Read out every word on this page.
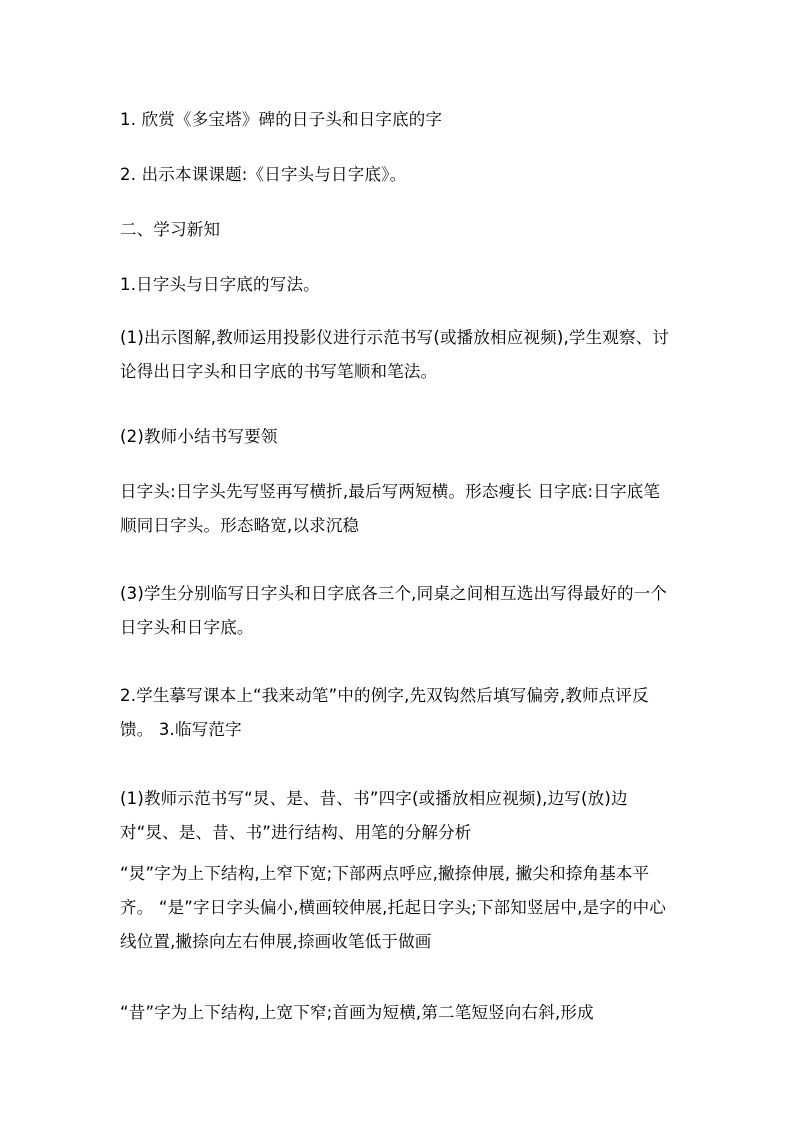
1. 欣赏《多宝塔》碑的日子头和日字底的字

2. 出示本课课题:《日字头与日字底》。

二、学习新知

1.日字头与日字底的写法。

(1)出示图解,教师运用投影仪进行示范书写(或播放相应视频),学生观察、讨论得出日字头和日字底的书写笔顺和笔法。

(2)教师小结书写要领

日字头:日字头先写竖再写横折,最后写两短横。形态瘦长 日字底:日字底笔顺同日字头。形态略宽,以求沉稳

(3)学生分别临写日字头和日字底各三个,同桌之间相互选出写得最好的一个日字头和日字底。

2.学生摹写课本上“我来动笔”中的例字,先双钩然后填写偏旁,教师点评反馈。 3.临写范字

(1)教师示范书写“炅、是、昔、书”四字(或播放相应视频),边写(放)边对“炅、是、昔、书”进行结构、用笔的分解分析

“炅”字为上下结构,上窄下宽;下部两点呼应,撇捺伸展, 撇尖和捺角基本平齐。 “是”字日字头偏小,横画较伸展,托起日字头;下部知竖居中,是字的中心线位置,撇捺向左右伸展,捺画收笔低于做画

“昔”字为上下结构,上宽下窄;首画为短横,第二笔短竖向右斜,形成
